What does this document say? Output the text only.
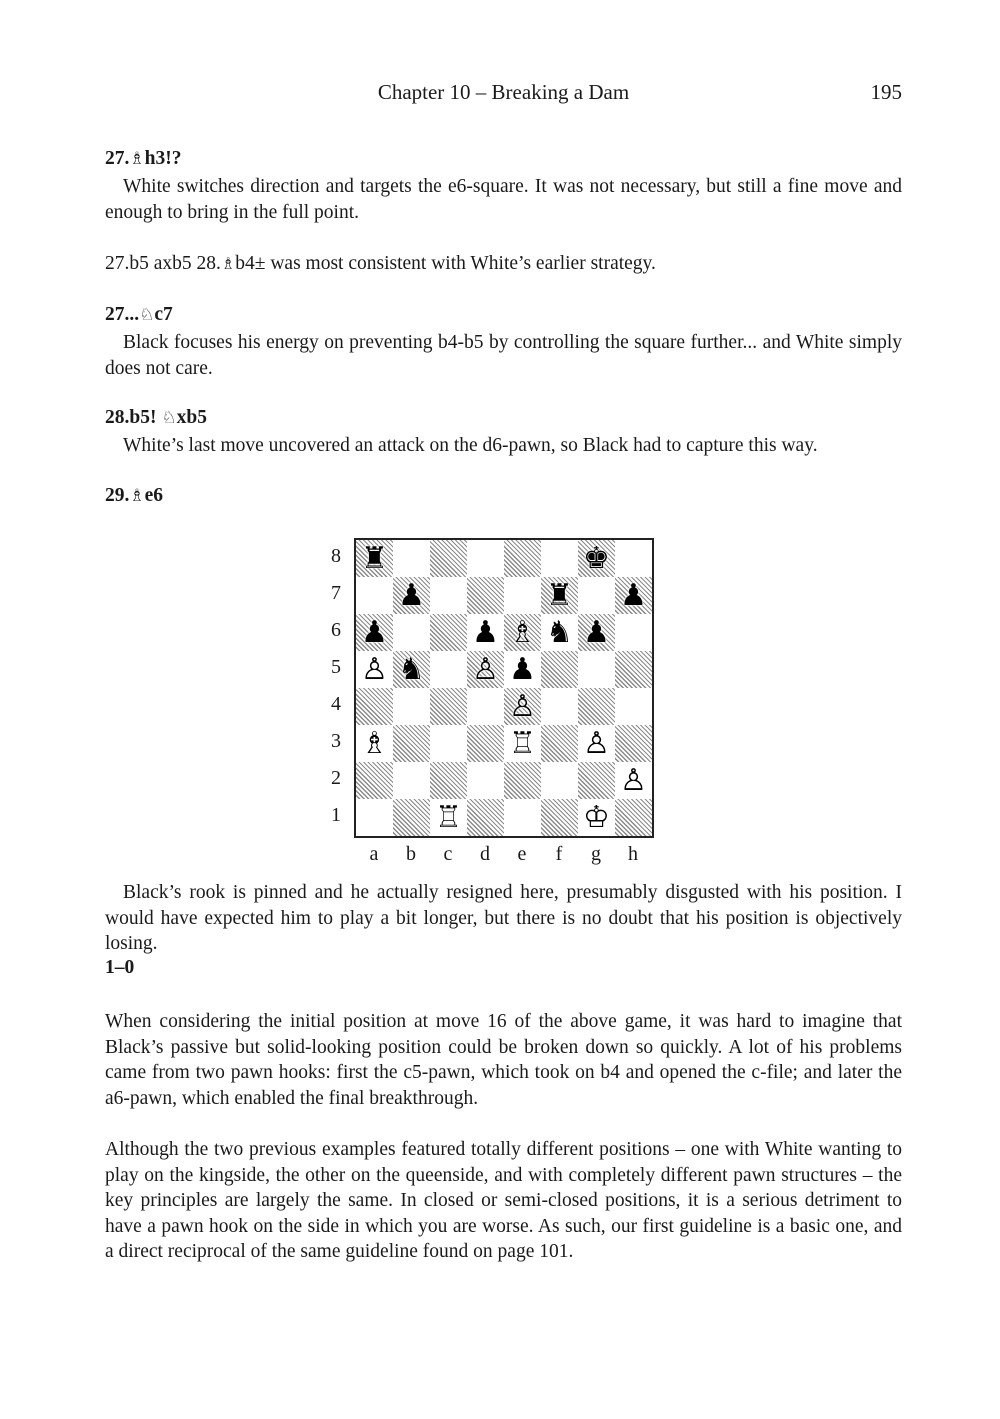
Chapter 10 – Breaking a Dam	195

27.♗h3!?

White switches direction and targets the e6-square. It was not necessary, but still a fine move and enough to bring in the full point.

27.b5 axb5 28.♗b4± was most consistent with White’s earlier strategy.

27...♘c7

Black focuses his energy on preventing b4-b5 by controlling the square further... and White simply does not care.

28.b5! ♘xb5

White’s last move uncovered an attack on the d6-pawn, so Black had to capture this way.

29.♗e6

8
7
6
5
4
3
2
1
♜	♚
♟	♜ ♟
♟	♟ ♗ ♞ ♟
♙ ♞ ♙ ♟
♙
♗	♖ ♙
♙
♖	♔
a b c d e	f	g h

Black’s rook is pinned and he actually resigned here, presumably disgusted with his position. I would have expected him to play a bit longer, but there is no doubt that his position is objectively losing.

1–0

When considering the initial position at move 16 of the above game, it was hard to imagine that Black’s passive but solid-looking position could be broken down so quickly. A lot of his problems came from two pawn hooks: first the c5-pawn, which took on b4 and opened the c-file; and later the a6-pawn, which enabled the final breakthrough.

Although the two previous examples featured totally different positions – one with White wanting to play on the kingside, the other on the queenside, and with completely different pawn structures – the key principles are largely the same. In closed or semi-closed positions, it is a serious detriment to have a pawn hook on the side in which you are worse. As such, our first guideline is a basic one, and a direct reciprocal of the same guideline found on page 101.
